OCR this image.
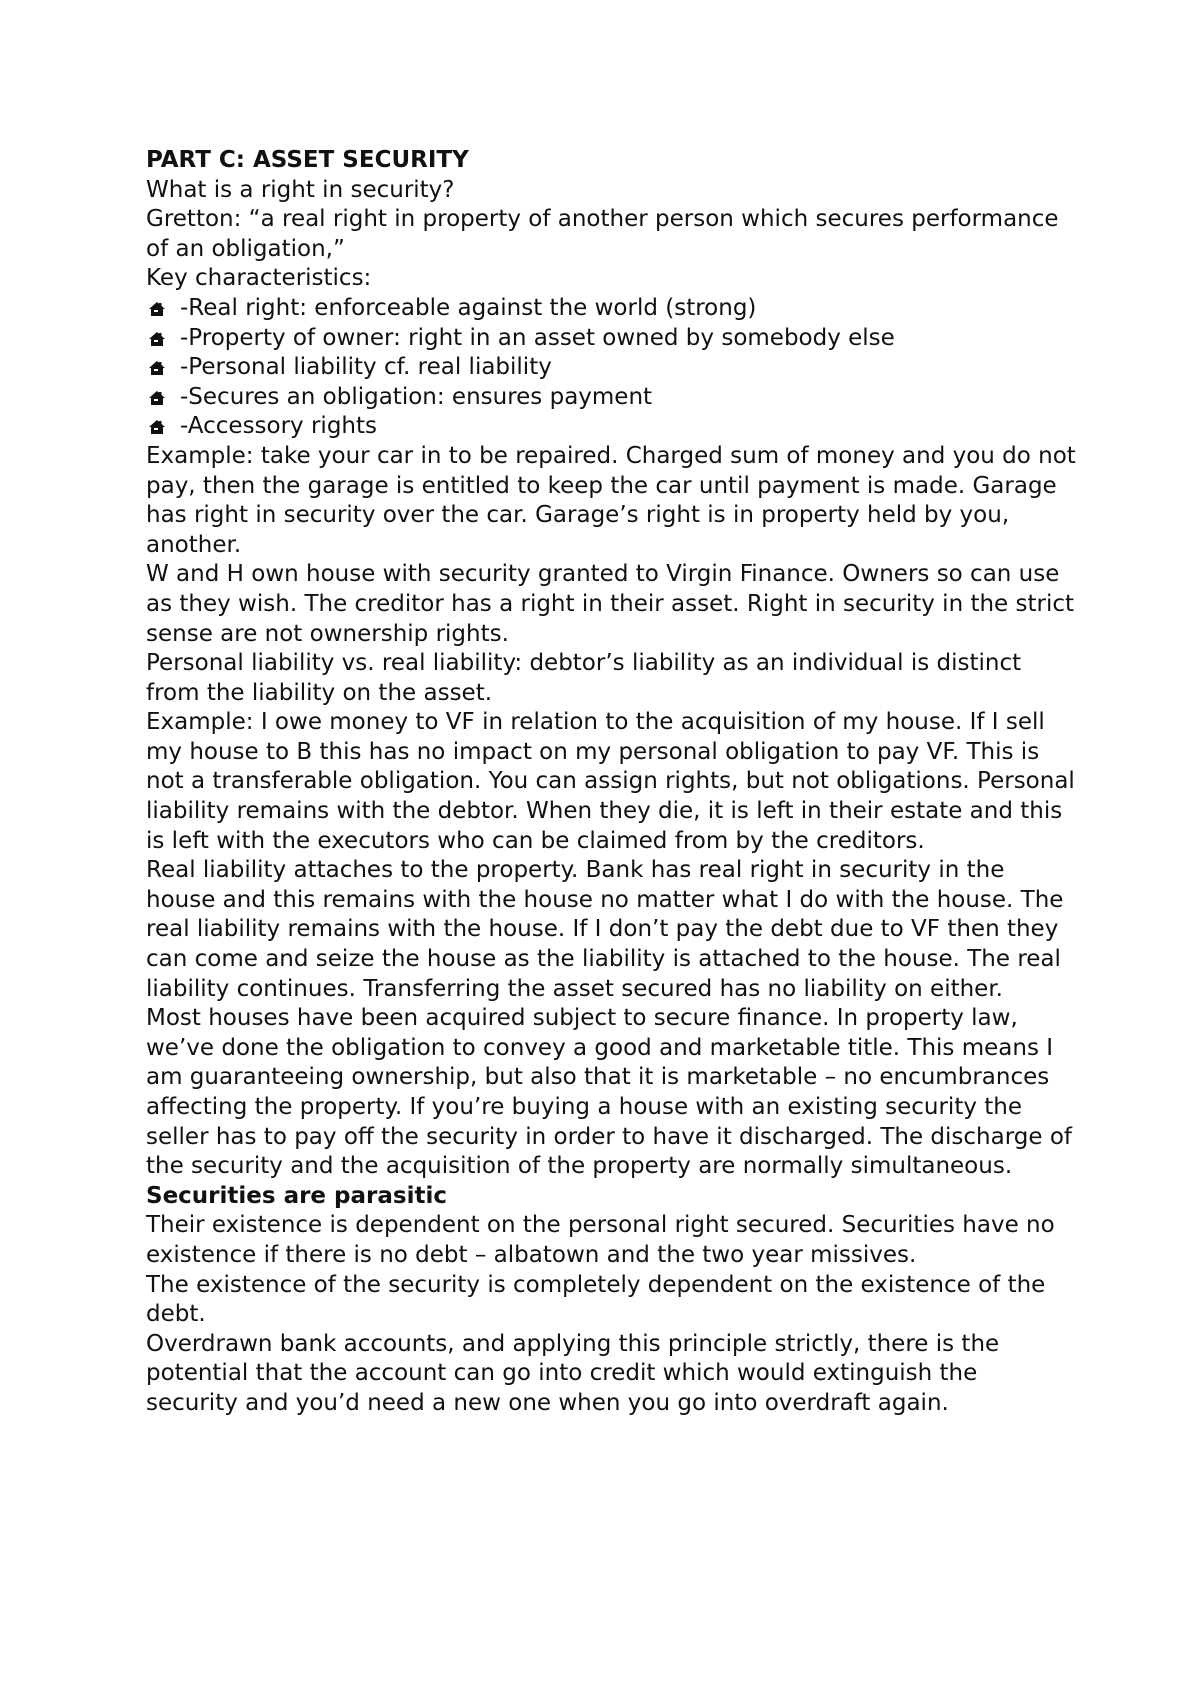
PART C: ASSET SECURITY

What is a right in security?

Gretton: “a real right in property of another person which secures performance of an obligation,”

Key characteristics:

-Real right: enforceable against the world (strong)
-Property of owner: right in an asset owned by somebody else
-Personal liability cf. real liability
-Secures an obligation: ensures payment
-Accessory rights

Example: take your car in to be repaired. Charged sum of money and you do not pay, then the garage is entitled to keep the car until payment is made. Garage has right in security over the car. Garage’s right is in property held by you, another.

W and H own house with security granted to Virgin Finance. Owners so can use as they wish. The creditor has a right in their asset. Right in security in the strict sense are not ownership rights.

Personal liability vs. real liability: debtor’s liability as an individual is distinct from the liability on the asset.

Example: I owe money to VF in relation to the acquisition of my house. If I sell my house to B this has no impact on my personal obligation to pay VF. This is not a transferable obligation. You can assign rights, but not obligations. Personal liability remains with the debtor. When they die, it is left in their estate and this is left with the executors who can be claimed from by the creditors.

Real liability attaches to the property. Bank has real right in security in the house and this remains with the house no matter what I do with the house. The real liability remains with the house. If I don’t pay the debt due to VF then they can come and seize the house as the liability is attached to the house. The real liability continues. Transferring the asset secured has no liability on either.

Most houses have been acquired subject to secure finance. In property law, we’ve done the obligation to convey a good and marketable title. This means I am guaranteeing ownership, but also that it is marketable – no encumbrances affecting the property. If you’re buying a house with an existing security the seller has to pay off the security in order to have it discharged. The discharge of the security and the acquisition of the property are normally simultaneous.

Securities are parasitic

Their existence is dependent on the personal right secured. Securities have no existence if there is no debt – albatown and the two year missives.

The existence of the security is completely dependent on the existence of the debt.

Overdrawn bank accounts, and applying this principle strictly, there is the potential that the account can go into credit which would extinguish the security and you’d need a new one when you go into overdraft again.
